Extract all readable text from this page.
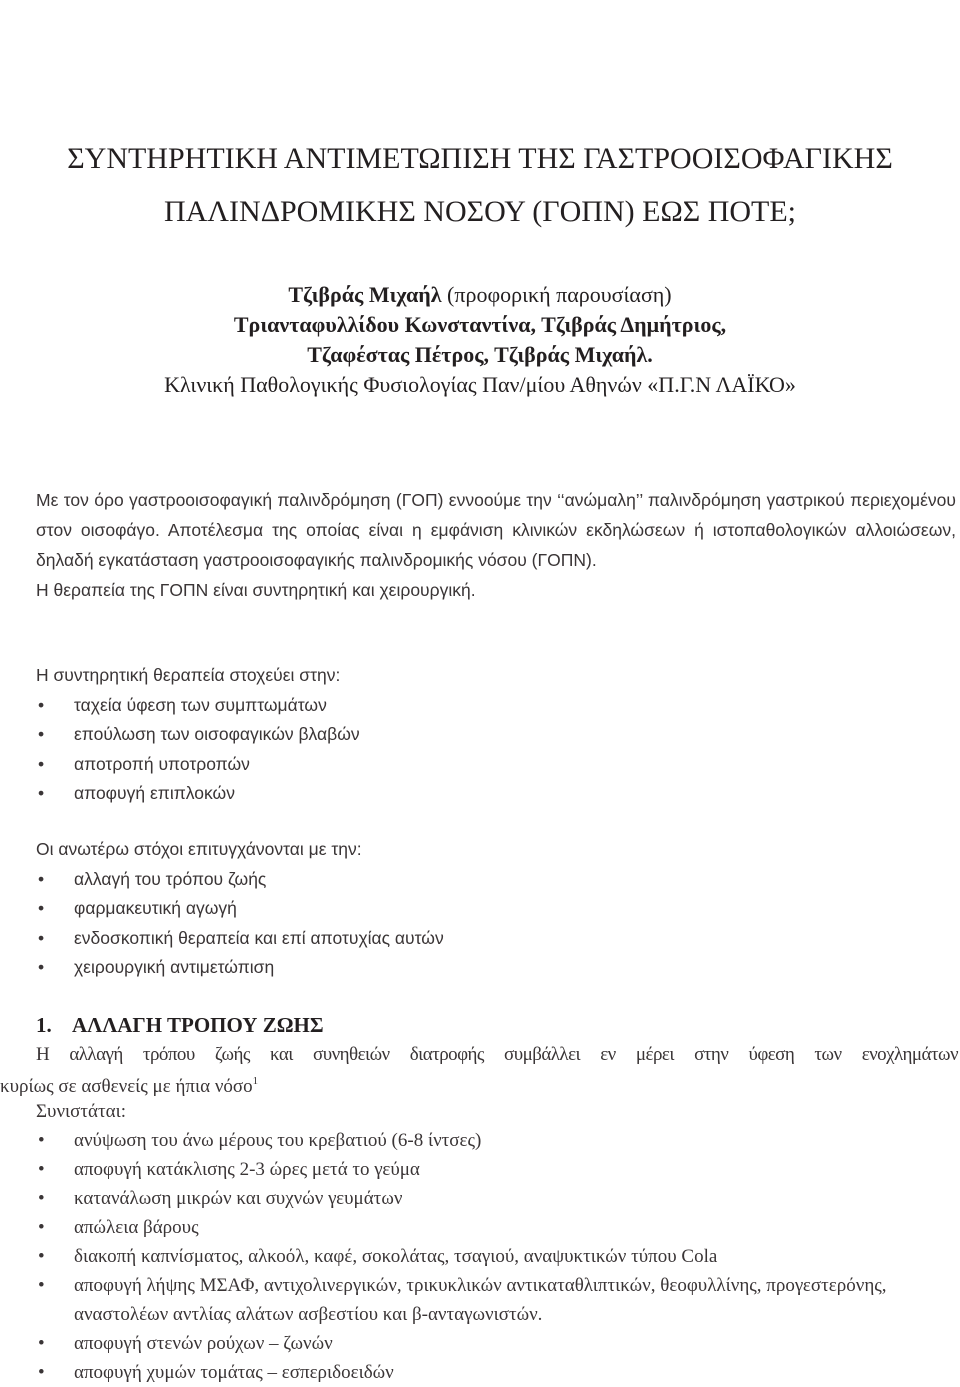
ΣΥΝΤΗΡΗΤΙΚΗ ΑΝΤΙΜΕΤΩΠΙΣΗ ΤΗΣ ΓΑΣΤΡΟΟΙΣΟΦΑΓΙΚΗΣ
ΠΑΛΙΝΔΡΟΜΙΚΗΣ ΝΟΣΟΥ (ΓΟΠΝ) ΕΩΣ ΠΟΤΕ;
Τζιβράς Μιχαήλ (προφορική παρουσίαση)
Τριανταφυλλίδου Κωνσταντίνα, Τζιβράς Δημήτριος,
Τζαφέστας Πέτρος, Τζιβράς Μιχαήλ.
Κλινική Παθολογικής Φυσιολογίας Παν/μίου Αθηνών «Π.Γ.Ν ΛΑΪΚΟ»
Με τον όρο γαστροοισοφαγική παλινδρόμηση (ΓΟΠ) εννοούμε την ‘‘ανώμαλη’’ παλινδρόμηση γαστρικού περιεχομένου στον οισοφάγο. Αποτέλεσμα της οποίας είναι η εμφάνιση κλινικών εκδηλώσεων ή ιστοπαθολογικών αλλοιώσεων, δηλαδή εγκατάσταση γαστροοισοφαγικής παλινδρομικής νόσου (ΓΟΠΝ).
Η θεραπεία της ΓΟΠΝ είναι συντηρητική και χειρουργική.

Η συντηρητική θεραπεία στοχεύει στην:

• ταχεία ύφεση των συμπτωμάτων
• επούλωση των οισοφαγικών βλαβών
• αποτροπή υποτροπών
• αποφυγή επιπλοκών

Οι ανωτέρω στόχοι επιτυγχάνονται με την:

• αλλαγή του τρόπου ζωής
• φαρμακευτική αγωγή
• ενδοσκοπική θεραπεία και επί αποτυχίας αυτών
• χειρουργική αντιμετώπιση
1. ΑΛΛΑΓΗ ΤΡΟΠΟΥ ΖΩΗΣ
Η αλλαγή τρόπου ζωής και συνηθειών διατροφής συμβάλλει εν μέρει στην ύφεση των ενοχλημάτων
κυρίως σε ασθενείς με ήπια νόσο$^1$

Συνιστάται:

• ανύψωση του άνω μέρους του κρεβατιού (6-8 ίντσες)
• αποφυγή κατάκλισης 2-3 ώρες μετά το γεύμα
• κατανάλωση μικρών και συχνών γευμάτων
• απώλεια βάρους
• διακοπή καπνίσματος, αλκοόλ, καφέ, σοκολάτας, τσαγιού, αναψυκτικών τύπου Cola
• αποφυγή λήψης ΜΣΑΦ, αντιχολινεργικών, τρικυκλικών αντικαταθλιπτικών, θεοφυλλίνης, προγεστερόνης, αναστολέων αντλίας αλάτων ασβεστίου και β-ανταγωνιστών.
• αποφυγή στενών ρούχων – ζωνών
• αποφυγή χυμών τομάτας – εσπεριδοειδών
